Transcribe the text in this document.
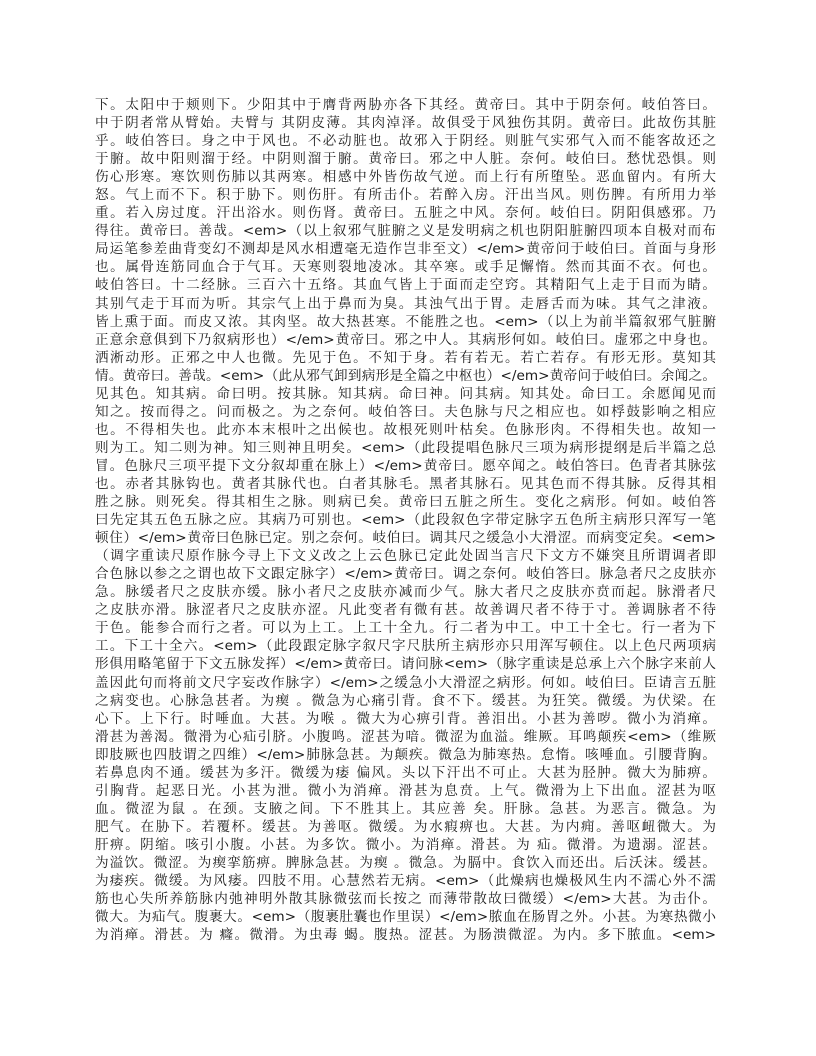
下。太阳中于颊则下。少阳其中于膺背两胁亦各下其经。黄帝曰。其中于阴奈何。岐伯答曰。
中于阴者常从臂始。夫臂与 其阴皮薄。其肉淖泽。故俱受于风独伤其阴。黄帝曰。此故伤其脏
乎。岐伯答曰。身之中于风也。不必动脏也。故邪入于阴经。则脏气实邪气入而不能客故还之
于腑。故中阳则溜于经。中阴则溜于腑。黄帝曰。邪之中人脏。奈何。岐伯曰。愁忧恐惧。则
伤心形寒。寒饮则伤肺以其两寒。相感中外皆伤故气逆。而上行有所堕坠。恶血留内。有所大
怒。气上而不下。积于胁下。则伤肝。有所击仆。若醉入房。汗出当风。则伤脾。有所用力举
重。若入房过度。汗出浴水。则伤肾。黄帝曰。五脏之中风。奈何。岐伯曰。阴阳俱感邪。乃
得往。黄帝曰。善哉。<em>（以上叙邪气脏腑之义是发明病之机也阴阳脏腑四项本自极对而布
局运笔参差曲背变幻不测却是风水相遭毫无造作岂非至文）</em>黄帝问于岐伯曰。首面与身形
也。属骨连筋同血合于气耳。天寒则裂地凌冰。其卒寒。或手足懈惰。然而其面不衣。何也。
岐伯答曰。十二经脉。三百六十五络。其血气皆上于面而走空窍。其精阳气上走于目而为睛。
其别气走于耳而为听。其宗气上出于鼻而为臭。其浊气出于胃。走唇舌而为味。其气之津液。
皆上熏于面。而皮又浓。其肉坚。故大热甚寒。不能胜之也。<em>（以上为前半篇叙邪气脏腑
正意余意俱到下乃叙病形也）</em>黄帝曰。邪之中人。其病形何如。岐伯曰。虚邪之中身也。
洒淅动形。正邪之中人也微。先见于色。不知于身。若有若无。若亡若存。有形无形。莫知其
情。黄帝曰。善哉。<em>（此从邪气卸到病形是全篇之中枢也）</em>黄帝问于岐伯曰。余闻之。
见其色。知其病。命曰明。按其脉。知其病。命曰神。问其病。知其处。命曰工。余愿闻见而
知之。按而得之。问而极之。为之奈何。岐伯答曰。夫色脉与尺之相应也。如桴鼓影响之相应
也。不得相失也。此亦本末根叶之出候也。故根死则叶枯矣。色脉形肉。不得相失也。故知一
则为工。知二则为神。知三则神且明矣。<em>（此段提唱色脉尺三项为病形提纲是后半篇之总
冒。色脉尺三项平提下文分叙却重在脉上）</em>黄帝曰。愿卒闻之。岐伯答曰。色青者其脉弦
也。赤者其脉钩也。黄者其脉代也。白者其脉毛。黑者其脉石。见其色而不得其脉。反得其相
胜之脉。则死矣。得其相生之脉。则病已矣。黄帝曰五脏之所生。变化之病形。何如。岐伯答
曰先定其五色五脉之应。其病乃可别也。<em>（此段叙色字带定脉字五色所主病形只浑写一笔
顿住）</em>黄帝曰色脉已定。别之奈何。岐伯曰。调其尺之缓急小大滑涩。而病变定矣。<em>
（调字重读尺原作脉今寻上下文义改之上云色脉已定此处固当言尺下文方不嫌突且所谓调者即
合色脉以参之之谓也故下文跟定脉字）</em>黄帝曰。调之奈何。岐伯答曰。脉急者尺之皮肤亦
急。脉缓者尺之皮肤亦缓。脉小者尺之皮肤亦减而少气。脉大者尺之皮肤亦贲而起。脉滑者尺
之皮肤亦滑。脉涩者尺之皮肤亦涩。凡此变者有微有甚。故善调尺者不待于寸。善调脉者不待
于色。能参合而行之者。可以为上工。上工十全九。行二者为中工。中工十全七。行一者为下
工。下工十全六。<em>（此段跟定脉字叙尺字尺肤所主病形亦只用浑写顿住。以上色尺两项病
形俱用略笔留于下文五脉发挥）</em>黄帝曰。请问脉<em>（脉字重读是总承上六个脉字来前人
盖因此句而将前文尺字妄改作脉字）</em>之缓急小大滑涩之病形。何如。岐伯曰。臣请言五脏
之病变也。心脉急甚者。为瘈 。微急为心痛引背。食不下。缓甚。为狂笑。微缓。为伏梁。在
心下。上下行。时唾血。大甚。为喉 。微大为心痹引背。善泪出。小甚为善哕。微小为消瘅。
滑甚为善渴。微滑为心疝引脐。小腹鸣。涩甚为喑。微涩为血溢。维厥。耳鸣颠疾<em>（维厥
即肢厥也四肢谓之四维）</em>肺脉急甚。为颠疾。微急为肺寒热。怠惰。咳唾血。引腰背胸。
若鼻息肉不通。缓甚为多汗。微缓为痿 偏风。头以下汗出不可止。大甚为胫肿。微大为肺痹。
引胸背。起恶日光。小甚为泄。微小为消瘅。滑甚为息贲。上气。微滑为上下出血。涩甚为呕
血。微涩为鼠 。在颈。支腋之间。下不胜其上。其应善 矣。肝脉。急甚。为恶言。微急。为
肥气。在胁下。若覆杯。缓甚。为善呕。微缓。为水瘕痹也。大甚。为内痈。善呕衄微大。为
肝痹。阴缩。咳引小腹。小甚。为多饮。微小。为消瘅。滑甚。为 疝。微滑。为遗溺。涩甚。
为溢饮。微涩。为瘈挛筋痹。脾脉急甚。为瘈 。微急。为膈中。食饮入而还出。后沃沫。缓甚。
为痿疾。微缓。为风痿。四肢不用。心慧然若无病。<em>（此燥病也燥极风生内不濡心外不濡
筋也心失所养筋脉内弛神明外散其脉微弦而长按之 而薄带散故曰微缓）</em>大甚。为击仆。
微大。为疝气。腹裹大。<em>（腹裹肚囊也作里误）</em>脓血在肠胃之外。小甚。为寒热微小
为消瘅。滑甚。为 癃。微滑。为虫毒 蝎。腹热。涩甚。为肠溃微涩。为内。多下脓血。<em>
